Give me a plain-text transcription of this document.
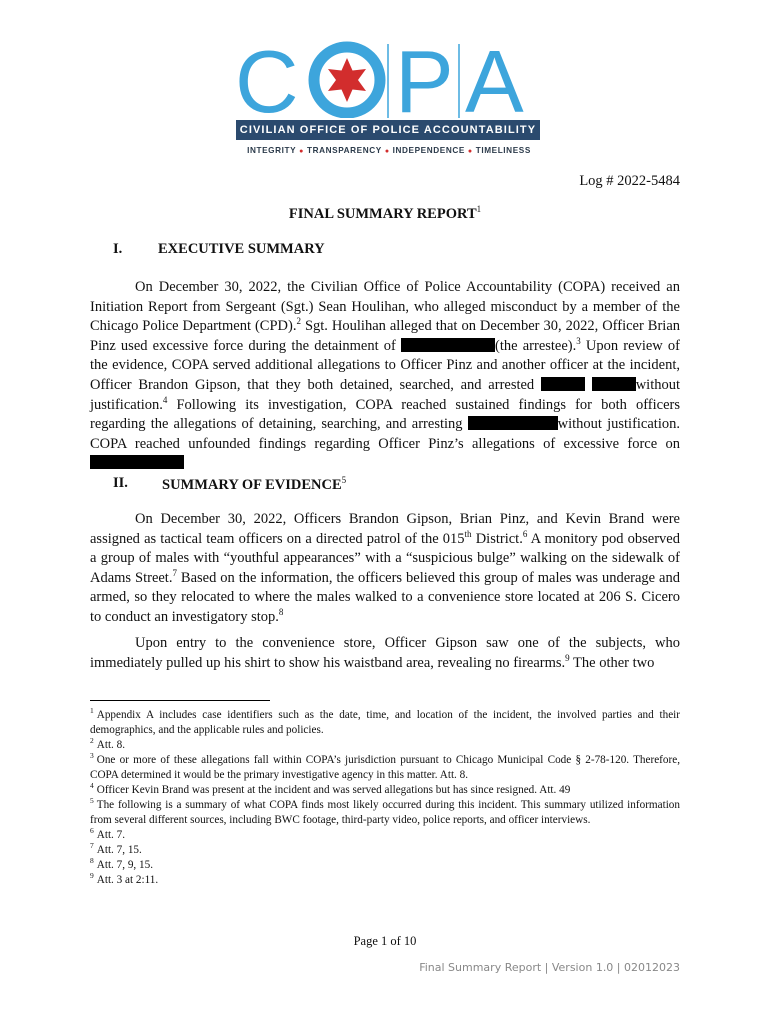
C P A
CIVILIAN OFFICE OF POLICE ACCOUNTABILITY
INTEGRITY ● TRANSPARENCY ● INDEPENDENCE ● TIMELINESS
Log # 2022-5484
FINAL SUMMARY REPORT$^1$
I. EXECUTIVE SUMMARY

On December 30, 2022, the Civilian Office of Police Accountability (COPA) received an Initiation Report from Sergeant (Sgt.) Sean Houlihan, who alleged misconduct by a member of the Chicago Police Department (CPD).$^2$ Sgt. Houlihan alleged that on December 30, 2022, Officer Brian Pinz used excessive force during the detainment of	(the arrestee).$^3$ Upon review of the evidence, COPA served additional allegations to Officer Pinz and another officer at the incident, Officer Brandon Gipson, that they both detained, searched, and arrested	without justification.$^4$ Following its investigation, COPA reached sustained findings for both officers regarding the allegations of detaining, searching, and arresting	without justification. COPA reached unfounded findings regarding Officer Pinz’s allegations of excessive force on

II. SUMMARY OF EVIDENCE$^5$

On December 30, 2022, Officers Brandon Gipson, Brian Pinz, and Kevin Brand were assigned as tactical team officers on a directed patrol of the 015th District.$^6$ A monitory pod observed a group of males with “youthful appearances” with a “suspicious bulge” walking on the sidewalk of Adams Street.$^7$ Based on the information, the officers believed this group of males was underage and armed, so they relocated to where the males walked to a convenience store located at 206 S. Cicero to conduct an investigatory stop.$^8$

Upon entry to the convenience store, Officer Gipson saw one of the subjects, who immediately pulled up his shirt to show his waistband area, revealing no firearms.$^9$ The other two

$^1$ Appendix A includes case identifiers such as the date, time, and location of the incident, the involved parties and their demographics, and the applicable rules and policies.

$^2$ Att. 8.

$^3$ One or more of these allegations fall within COPA’s jurisdiction pursuant to Chicago Municipal Code § 2-78-120. Therefore, COPA determined it would be the primary investigative agency in this matter. Att. 8.

$^4$ Officer Kevin Brand was present at the incident and was served allegations but has since resigned. Att. 49

$^5$ The following is a summary of what COPA finds most likely occurred during this incident. This summary utilized information from several different sources, including BWC footage, third-party video, police reports, and officer interviews.

$^6$ Att. 7.

$^7$ Att. 7, 15.

$^8$ Att. 7, 9, 15.

$^9$ Att. 3 at 2:11.

Page 1 of 10
Final Summary Report | Version 1.0 | 02012023
